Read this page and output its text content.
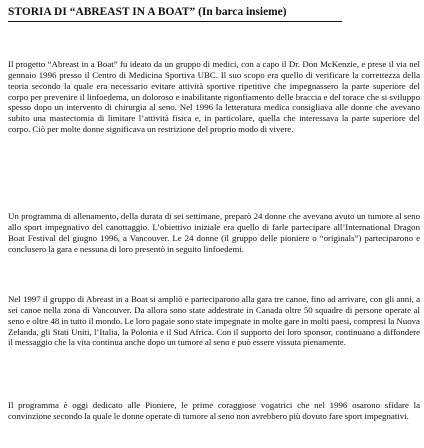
STORIA DI “ABREAST IN A BOAT” (In barca insieme)

Il progetto “Abreast in a Boat” fu ideato da un gruppo di medici, con a capo il Dr. Don McKenzie, e prese il via nel gennaio 1996 presso il Centro di Medicina Sportiva UBC. Il suo scopo era quello di verificare la correttezza della teoria secondo la quale era necessario evitare attività sportive ripetitive che impegnassero la parte superiore del corpo per prevenire il linfoedema, un doloroso e inabilitante rigonfiamento delle braccia e del torace che si sviluppo spesso dopo un intervento di chirurgia al seno. Nel 1996 la letteratura medica consigliava alle donne che avevano subito una mastectomia di limitare l’attività fisica e, in particolare, quella che interessava la parte superiore del corpo. Ciò per molte donne significava un restrizione del proprio modo di vivere.

Un programma di allenamento, della durata di sei settimane, preparò 24 donne che avevano avuto un tumore al seno allo sport impegnativo del canottaggio. L’obiettivo iniziale era quello di farle partecipare all’International Dragon Boat Festival del giugno 1996, a Vancouver. Le 24 donne (il gruppo delle pioniere o “originals”) parteciparono e conclusero la gara e nessuna di loro presentò in seguito linfoedemi.

Nel 1997 il gruppo di Abreast in a Boat si ampliò e parteciparono alla gara tre canoe, fino ad arrivare, con gli anni, a sei canoe nella zona di Vancouver. Da allora sono state addestrate in Canada oltre 50 squadre di persone operate al seno e oltre 48 in tutto il mondo. Le loro pagaie sono state impegnate in molte gare in molti paesi, compresi la Nuova Zelanda, gli Stati Uniti, l’Italia, la Polonia e il Sud Africa. Con il supporto dei loro sponsor, continuano a diffondere il messaggio che la vita continua anche dopo un tumore al seno e può essere vissuta pienamente.

Il programma è oggi dedicato alle Pioniere, le prime coraggiose vogatrici che nel 1996 osarono sfidare la convinzione secondo la quale le donne operate di tumore al seno non avrebbero più dovuto fare sport impegnativi.
